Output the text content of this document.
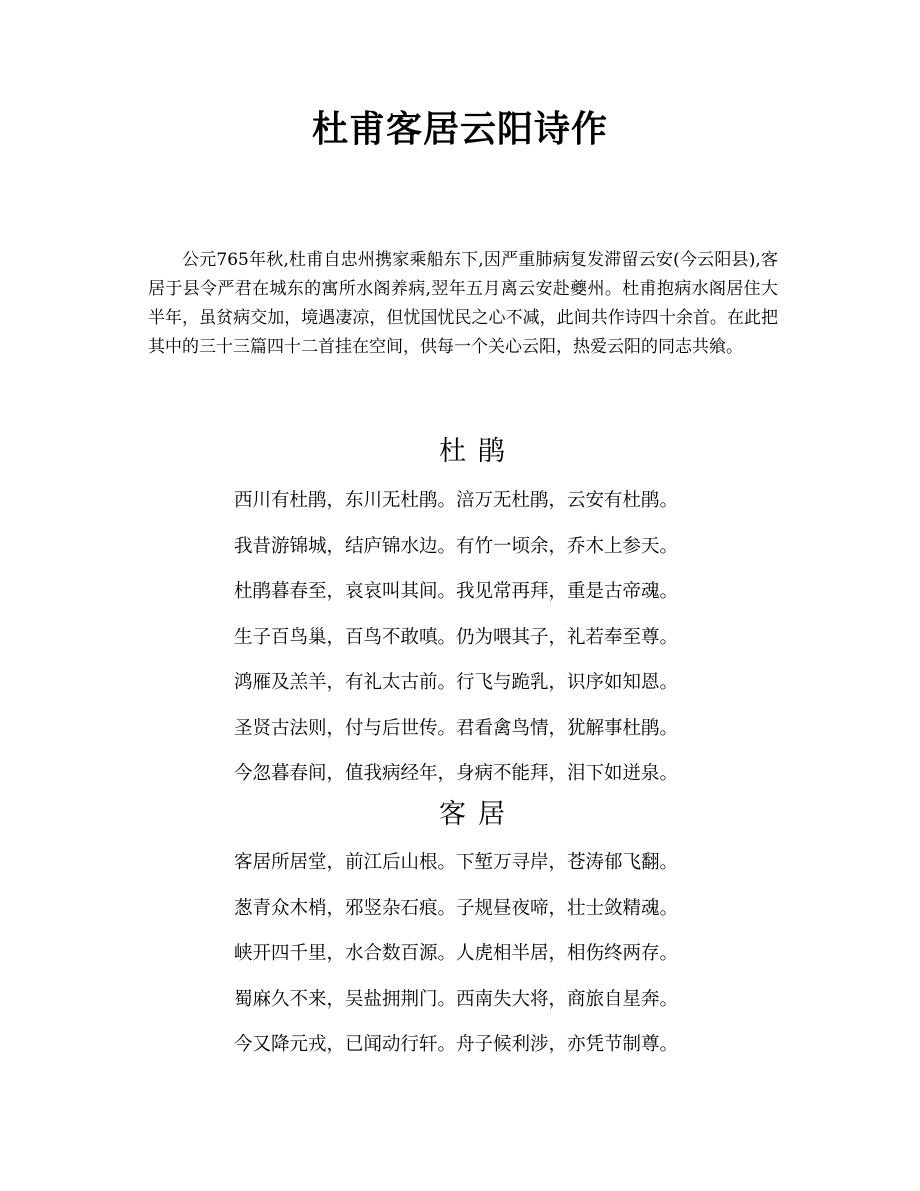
杜甫客居云阳诗作

公元765年秋,杜甫自忠州携家乘船东下,因严重肺病复发滞留云安(今云阳县),客居于县令严君在城东的寓所水阁养病,翌年五月离云安赴夔州。杜甫抱病水阁居住大半年，虽贫病交加，境遇凄凉，但忧国忧民之心不减，此间共作诗四十余首。在此把其中的三十三篇四十二首挂在空间，供每一个关心云阳，热爱云阳的同志共飨。

杜鹃
西川有杜鹃，东川无杜鹃。涪万无杜鹃，云安有杜鹃。
我昔游锦城，结庐锦水边。有竹一顷余，乔木上参天。
杜鹃暮春至，哀哀叫其间。我见常再拜，重是古帝魂。
生子百鸟巢，百鸟不敢嗔。仍为喂其子，礼若奉至尊。
鸿雁及羔羊，有礼太古前。行飞与跪乳，识序如知恩。
圣贤古法则，付与后世传。君看禽鸟情，犹解事杜鹃。
今忽暮春间，值我病经年，身病不能拜，泪下如迸泉。
客居
客居所居堂，前江后山根。下堑万寻岸，苍涛郁飞翻。
葱青众木梢，邪竖杂石痕。子规昼夜啼，壮士敛精魂。
峡开四千里，水合数百源。人虎相半居，相伤终两存。
蜀麻久不来，吴盐拥荆门。西南失大将，商旅自星奔。
今又降元戎，已闻动行轩。舟子候利涉，亦凭节制尊。
